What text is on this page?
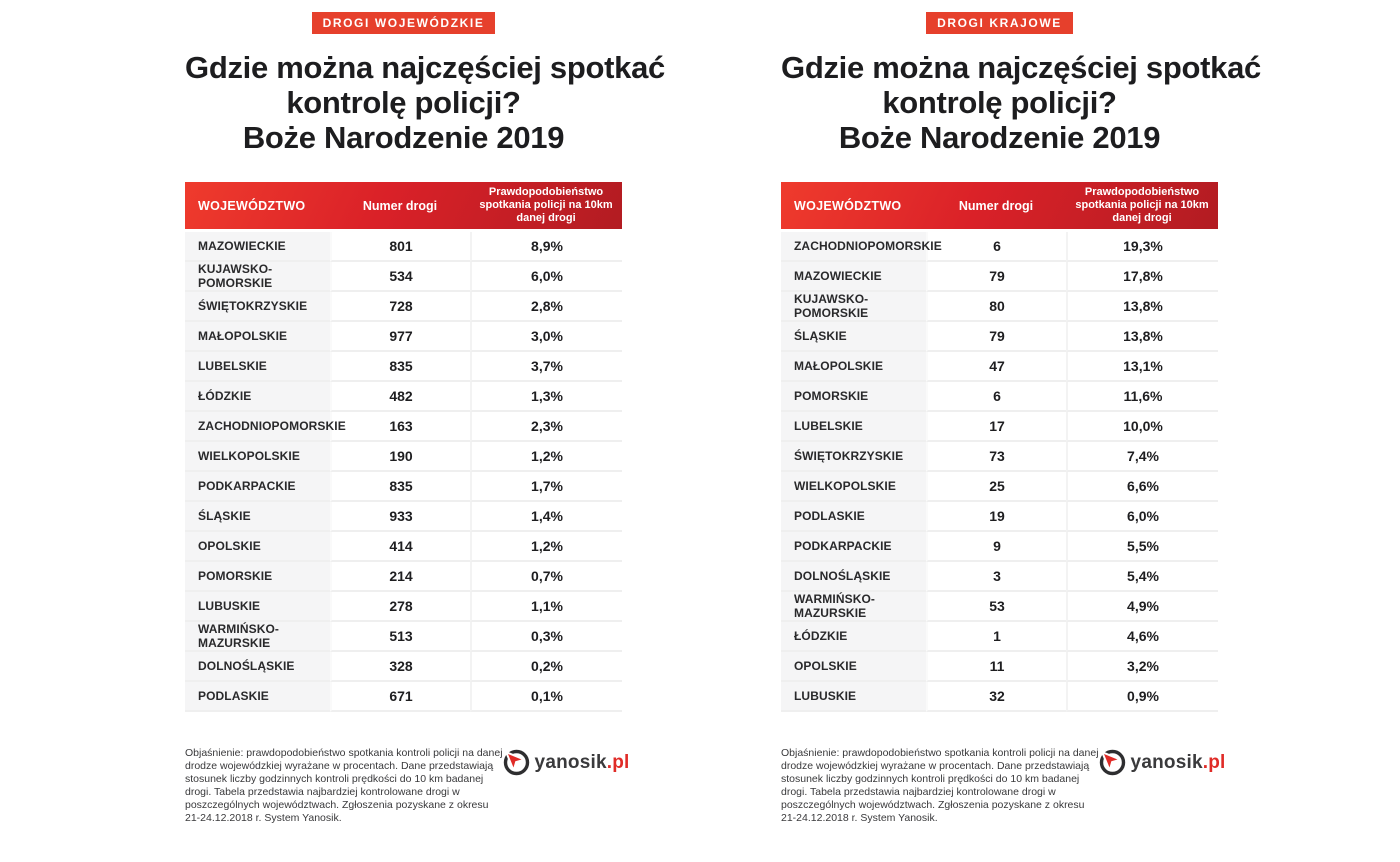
DROGI WOJEWÓDZKIE
Gdzie można najczęściej spotkać
kontrolę policji?
Boże Narodzenie 2019
WOJEWÓDZTWO	Numer drogi	Prawdopodobieństwo spotkania policji na 10km danej drogi
MAZOWIECKIE	801	8,9%
KUJAWSKO-POMORSKIE	534	6,0%
ŚWIĘTOKRZYSKIE	728	2,8%
MAŁOPOLSKIE	977	3,0%
LUBELSKIE	835	3,7%
ŁÓDZKIE	482	1,3%
ZACHODNIOPOMORSKIE	163	2,3%
WIELKOPOLSKIE	190	1,2%
PODKARPACKIE	835	1,7%
ŚLĄSKIE	933	1,4%
OPOLSKIE	414	1,2%
POMORSKIE	214	0,7%
LUBUSKIE	278	1,1%
WARMIŃSKO-MAZURSKIE	513	0,3%
DOLNOŚLĄSKIE	328	0,2%
PODLASKIE	671	0,1%
Objaśnienie: prawdopodobieństwo spotkania kontroli policji na danej
drodze wojewódzkiej wyrażane w procentach. Dane przedstawiają
stosunek liczby godzinnych kontroli prędkości do 10 km badanej
drogi. Tabela przedstawia najbardziej kontrolowane drogi w
poszczególnych województwach. Zgłoszenia pozyskane z okresu
21-24.12.2018 r. System Yanosik.
yanosik.pl
DROGI KRAJOWE
Gdzie można najczęściej spotkać
kontrolę policji?
Boże Narodzenie 2019
WOJEWÓDZTWO	Numer drogi	Prawdopodobieństwo spotkania policji na 10km danej drogi
ZACHODNIOPOMORSKIE	6	19,3%
MAZOWIECKIE	79	17,8%
KUJAWSKO-POMORSKIE	80	13,8%
ŚLĄSKIE	79	13,8%
MAŁOPOLSKIE	47	13,1%
POMORSKIE	6	11,6%
LUBELSKIE	17	10,0%
ŚWIĘTOKRZYSKIE	73	7,4%
WIELKOPOLSKIE	25	6,6%
PODLASKIE	19	6,0%
PODKARPACKIE	9	5,5%
DOLNOŚLĄSKIE	3	5,4%
WARMIŃSKO-MAZURSKIE	53	4,9%
ŁÓDZKIE	1	4,6%
OPOLSKIE	11	3,2%
LUBUSKIE	32	0,9%
Objaśnienie: prawdopodobieństwo spotkania kontroli policji na danej
drodze wojewódzkiej wyrażane w procentach. Dane przedstawiają
stosunek liczby godzinnych kontroli prędkości do 10 km badanej
drogi. Tabela przedstawia najbardziej kontrolowane drogi w
poszczególnych województwach. Zgłoszenia pozyskane z okresu
21-24.12.2018 r. System Yanosik.
yanosik.pl
